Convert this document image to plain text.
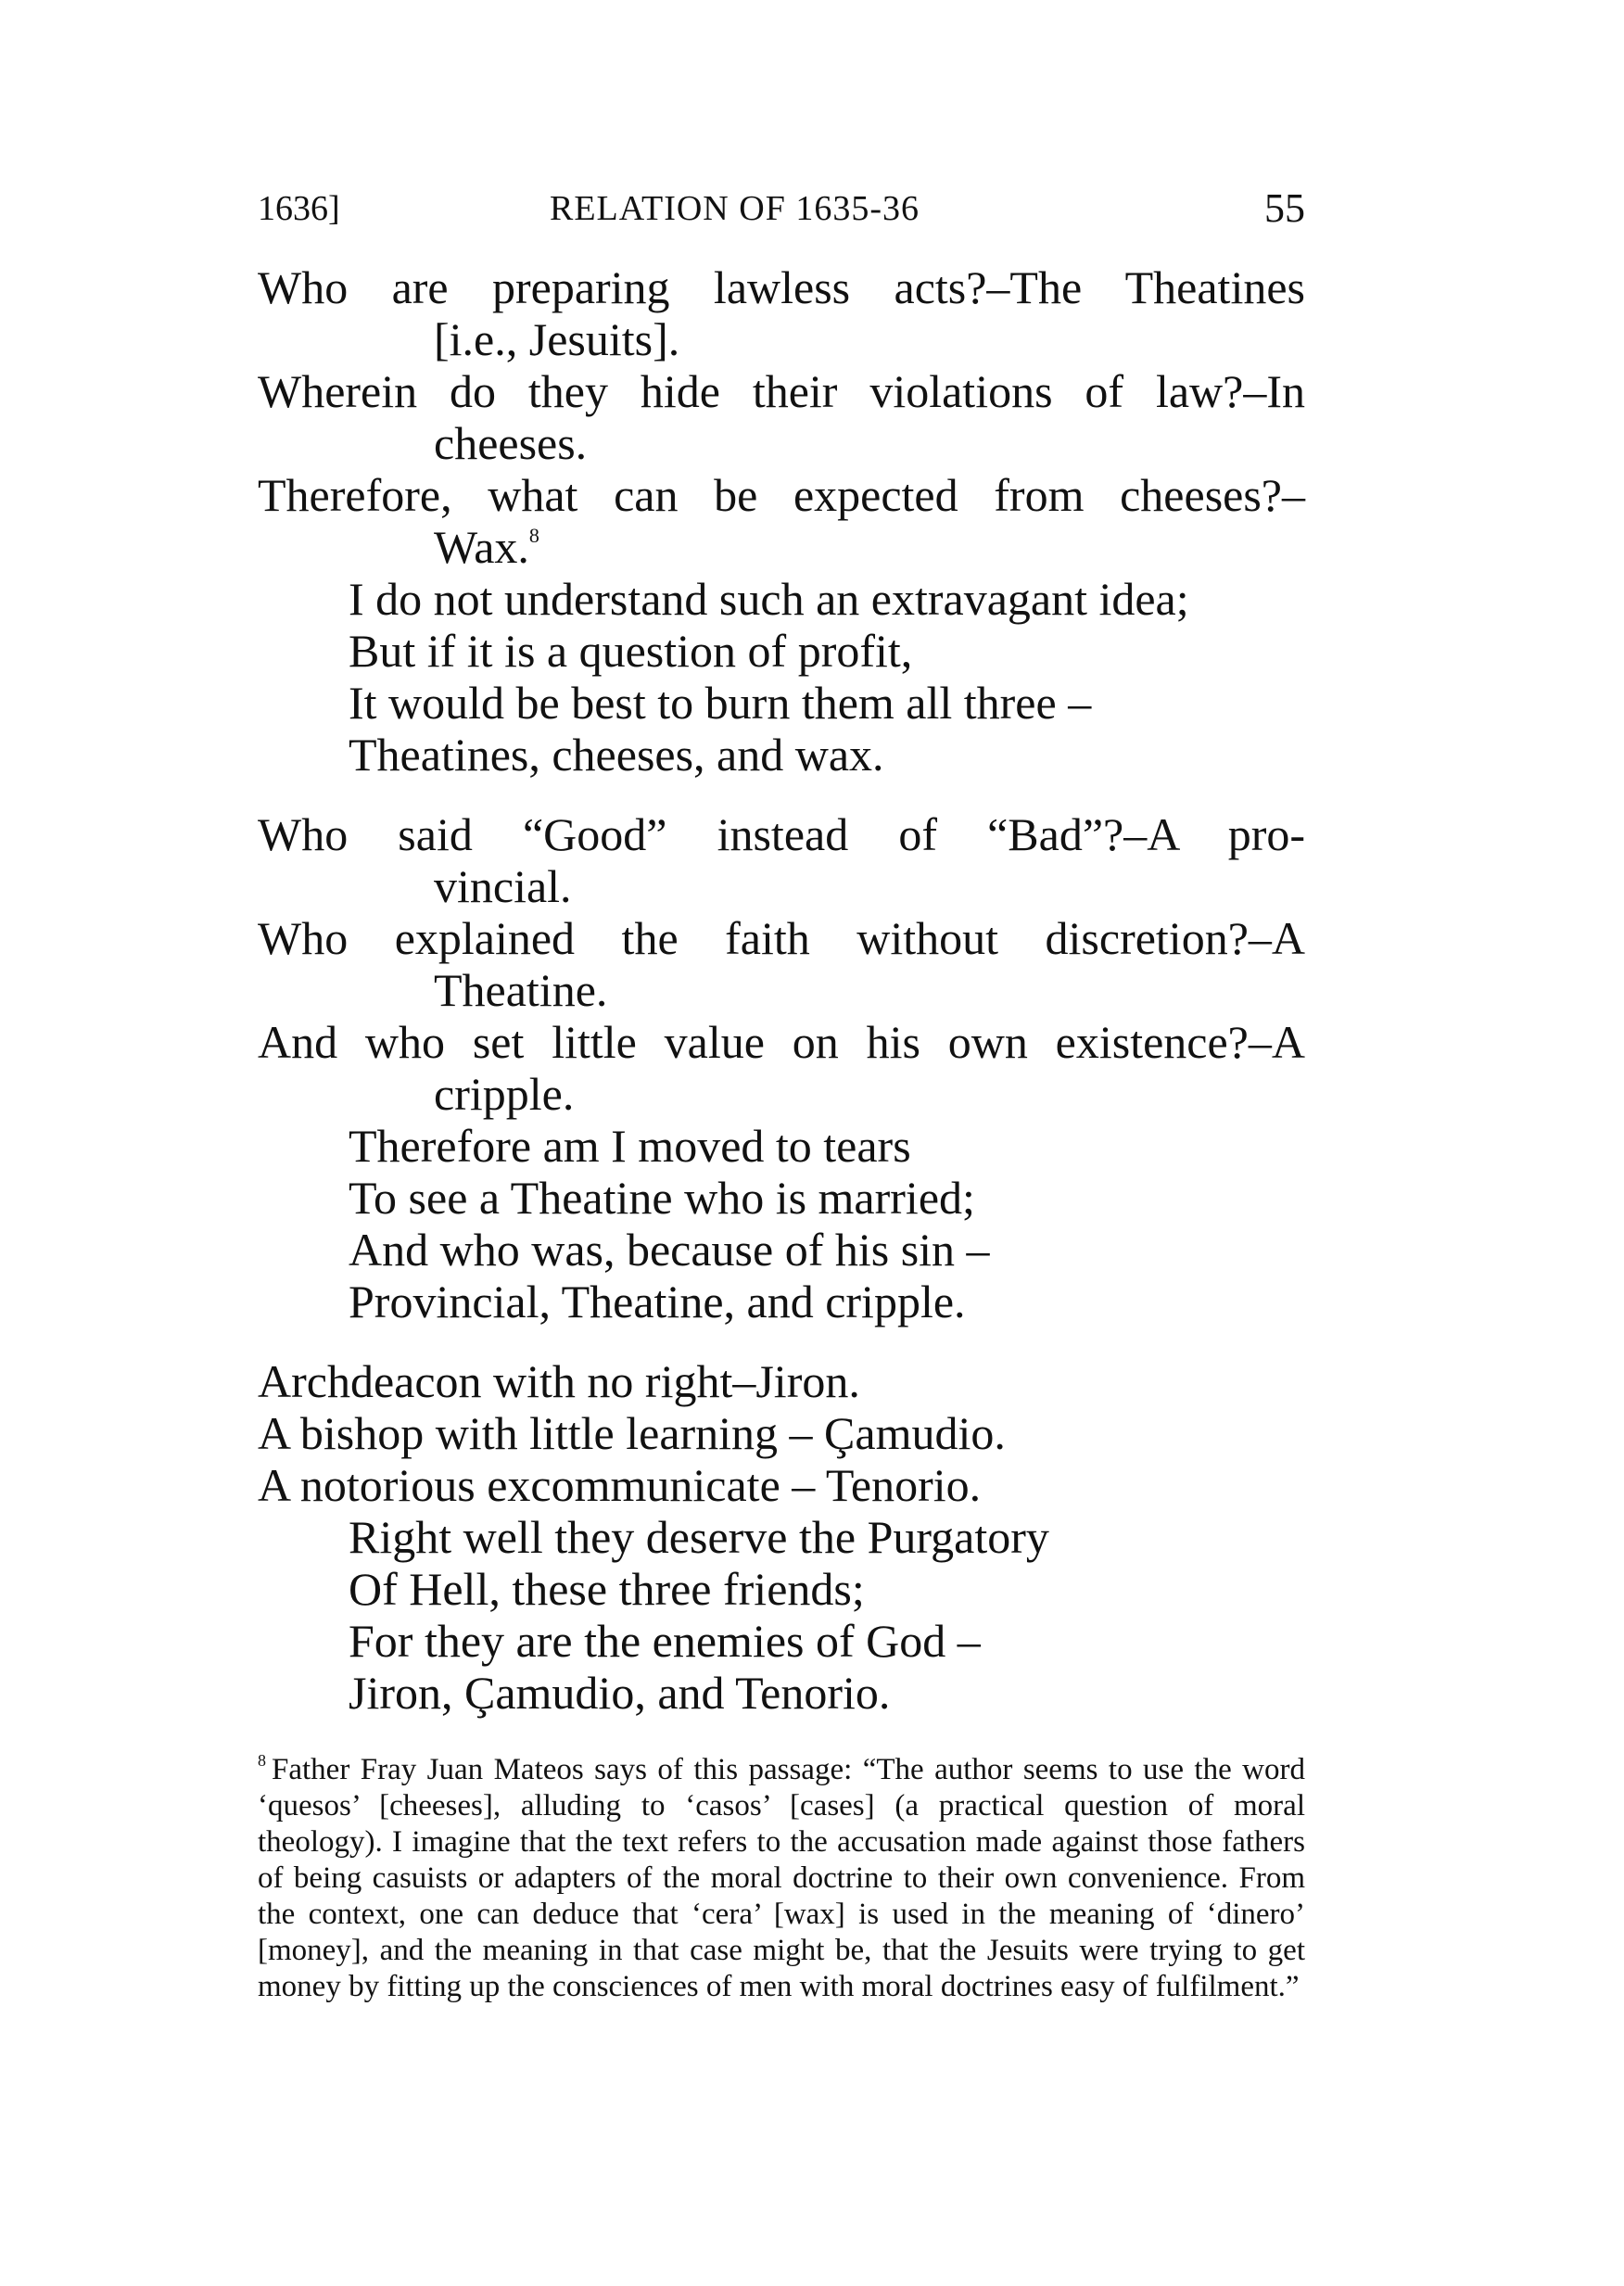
1636]	RELATION OF 1635-36	55
Who are preparing lawless acts?–The Theatines
[i.e., Jesuits].
Wherein do they hide their violations of law?–In
cheeses.
Therefore, what can be expected from cheeses?–
Wax.$^8$
I do not understand such an extravagant idea;
But if it is a question of profit,
It would be best to burn them all three –
Theatines, cheeses, and wax.
Who said “Good” instead of “Bad”?–A pro-
vincial.
Who explained the faith without discretion?–A
Theatine.
And who set little value on his own existence?–A
cripple.
Therefore am I moved to tears
To see a Theatine who is married;
And who was, because of his sin –
Provincial, Theatine, and cripple.
Archdeacon with no right–Jiron.
A bishop with little learning – Çamudio.
A notorious excommunicate – Tenorio.
Right well they deserve the Purgatory
Of Hell, these three friends;
For they are the enemies of God –
Jiron, Çamudio, and Tenorio.
$^8$ Father Fray Juan Mateos says of this passage: “The author seems to use the word ‘quesos’ [cheeses], alluding to ‘casos’ [cases] (a practical question of moral theology). I imagine that the text refers to the accusation made against those fathers of being casuists or adapters of the moral doctrine to their own convenience. From the context, one can deduce that ‘cera’ [wax] is used in the meaning of ‘dinero’ [money], and the meaning in that case might be, that the Jesuits were trying to get money by fitting up the consciences of men with moral doctrines easy of fulfilment.”
